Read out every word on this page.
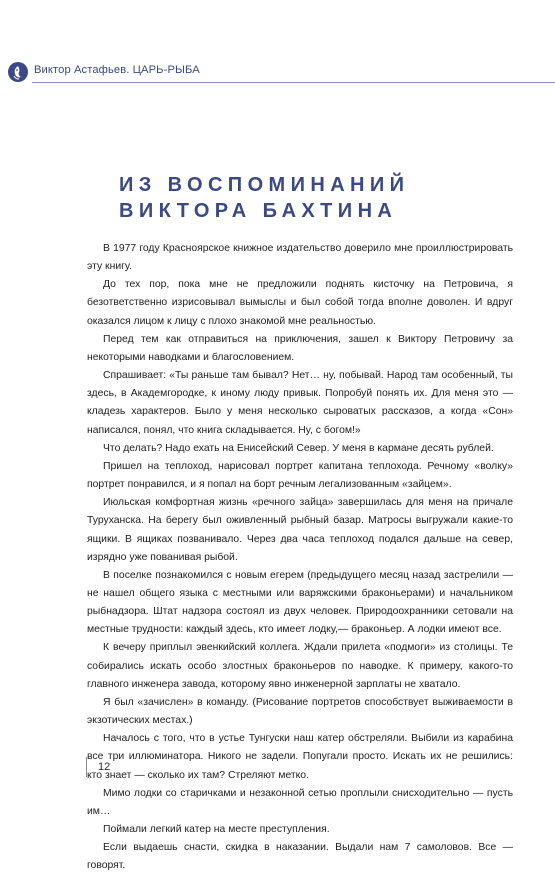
Виктор Астафьев. ЦАРЬ-РЫБА
ИЗ ВОСПОМИНАНИЙ
ВИКТОРА БАХТИНА

В 1977 году Красноярское книжное издательство доверило мне проиллюстрировать эту книгу.

До тех пор, пока мне не предложили поднять кисточку на Петровича, я безответственно изрисовывал вымыслы и был собой тогда вполне доволен. И вдруг оказался лицом к лицу с плохо знакомой мне реальностью.

Перед тем как отправиться на приключения, зашел к Виктору Петровичу за некоторыми наводками и благословением.

Спрашивает: «Ты раньше там бывал? Нет… ну, побывай. Народ там особенный, ты здесь, в Академгородке, к иному люду привык. Попробуй понять их. Для меня это — кладезь характеров. Было у меня несколько сыроватых рассказов, а когда «Сон» написался, понял, что книга складывается. Ну, с богом!»

Что делать? Надо ехать на Енисейский Север. У меня в кармане десять рублей.

Пришел на теплоход, нарисовал портрет капитана теплохода. Речному «волку» портрет понравился, и я попал на борт речным легализованным «зайцем».

Июльская комфортная жизнь «речного зайца» завершилась для меня на причале Туруханска. На берегу был оживленный рыбный базар. Матросы выгружали какие-то ящики. В ящиках позванивало. Через два часа теплоход подался дальше на север, изрядно уже пованивая рыбой.

В поселке познакомился с новым егерем (предыдущего месяц назад застрелили — не нашел общего языка с местными или варяжскими браконьерами) и начальником рыбнадзора. Штат надзора состоял из двух человек. Природоохранники сетовали на местные трудности: каждый здесь, кто имеет лодку,— браконьер. А лодки имеют все.

К вечеру приплыл эвенкийский коллега. Ждали прилета «подмоги» из столицы. Те собирались искать особо злостных браконьеров по наводке. К примеру, какого-то главного инженера завода, которому явно инженерной зарплаты не хватало.

Я был «зачислен» в команду. (Рисование портретов способствует выживаемости в экзотических местах.)

Началось с того, что в устье Тунгуски наш катер обстреляли. Выбили из карабина все три иллюминатора. Никого не задели. Попугали просто. Искать их не решились: кто знает — сколько их там? Стреляют метко.

Мимо лодки со старичками и незаконной сетью проплыли снисходительно — пусть им…

Поймали легкий катер на месте преступления.

Если выдаешь снасти, скидка в наказании. Выдали нам 7 самоловов. Все — говорят.

12
